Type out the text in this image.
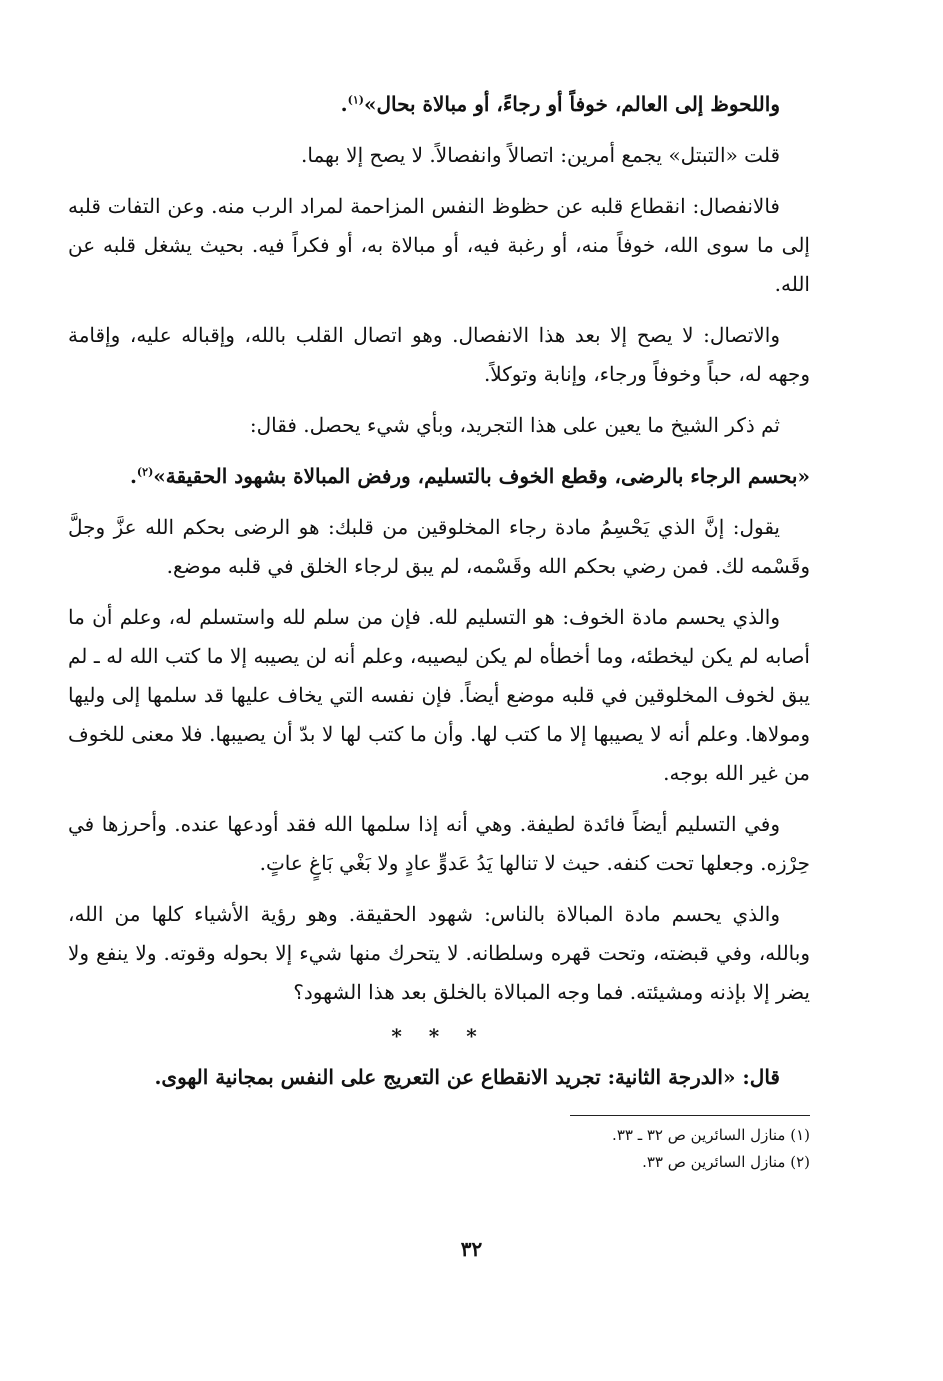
واللحوظ إلى العالم، خوفاً أو رجاءً، أو مبالاة بحال»$^{(١)}$.

قلت «التبتل» يجمع أمرين: اتصالاً وانفصالاً. لا يصح إلا بهما.

فالانفصال: انقطاع قلبه عن حظوظ النفس المزاحمة لمراد الرب منه. وعن التفات قلبه إلى ما سوى الله، خوفاً منه، أو رغبة فيه، أو مبالاة به، أو فكراً فيه. بحيث يشغل قلبه عن الله.

والاتصال: لا يصح إلا بعد هذا الانفصال. وهو اتصال القلب بالله، وإقباله عليه، وإقامة وجهه له، حباً وخوفاً ورجاء، وإنابة وتوكلاً.

ثم ذكر الشيخ ما يعين على هذا التجريد، وبأي شيء يحصل. فقال:

«بحسم الرجاء بالرضى، وقطع الخوف بالتسليم، ورفض المبالاة بشهود الحقيقة»$^{(٢)}$.

يقول: إنَّ الذي يَحْسِمُ مادة رجاء المخلوقين من قلبك: هو الرضى بحكم الله عزَّ وجلَّ وقَسْمه لك. فمن رضي بحكم الله وقَسْمه، لم يبق لرجاء الخلق في قلبه موضع.

والذي يحسم مادة الخوف: هو التسليم لله. فإن من سلم لله واستسلم له، وعلم أن ما أصابه لم يكن ليخطئه، وما أخطأه لم يكن ليصيبه، وعلم أنه لن يصيبه إلا ما كتب الله له ـ لم يبق لخوف المخلوقين في قلبه موضع أيضاً. فإن نفسه التي يخاف عليها قد سلمها إلى وليها ومولاها. وعلم أنه لا يصيبها إلا ما كتب لها. وأن ما كتب لها لا بدّ أن يصيبها. فلا معنى للخوف من غير الله بوجه.

وفي التسليم أيضاً فائدة لطيفة. وهي أنه إذا سلمها الله فقد أودعها عنده. وأحرزها في حِرْزه. وجعلها تحت كنفه. حيث لا تنالها يَدُ عَدوٍّ عادٍ ولا بَغْي بَاغٍ عاتٍ.

والذي يحسم مادة المبالاة بالناس: شهود الحقيقة. وهو رؤية الأشياء كلها من الله، وبالله، وفي قبضته، وتحت قهره وسلطانه. لا يتحرك منها شيء إلا بحوله وقوته. ولا ينفع ولا يضر إلا بإذنه ومشيئته. فما وجه المبالاة بالخلق بعد هذا الشهود؟

* * *

قال: «الدرجة الثانية: تجريد الانقطاع عن التعريج على النفس بمجانية الهوى.

(١) منازل السائرين ص ٣٢ ـ ٣٣.

(٢) منازل السائرين ص ٣٣.

٣٢
